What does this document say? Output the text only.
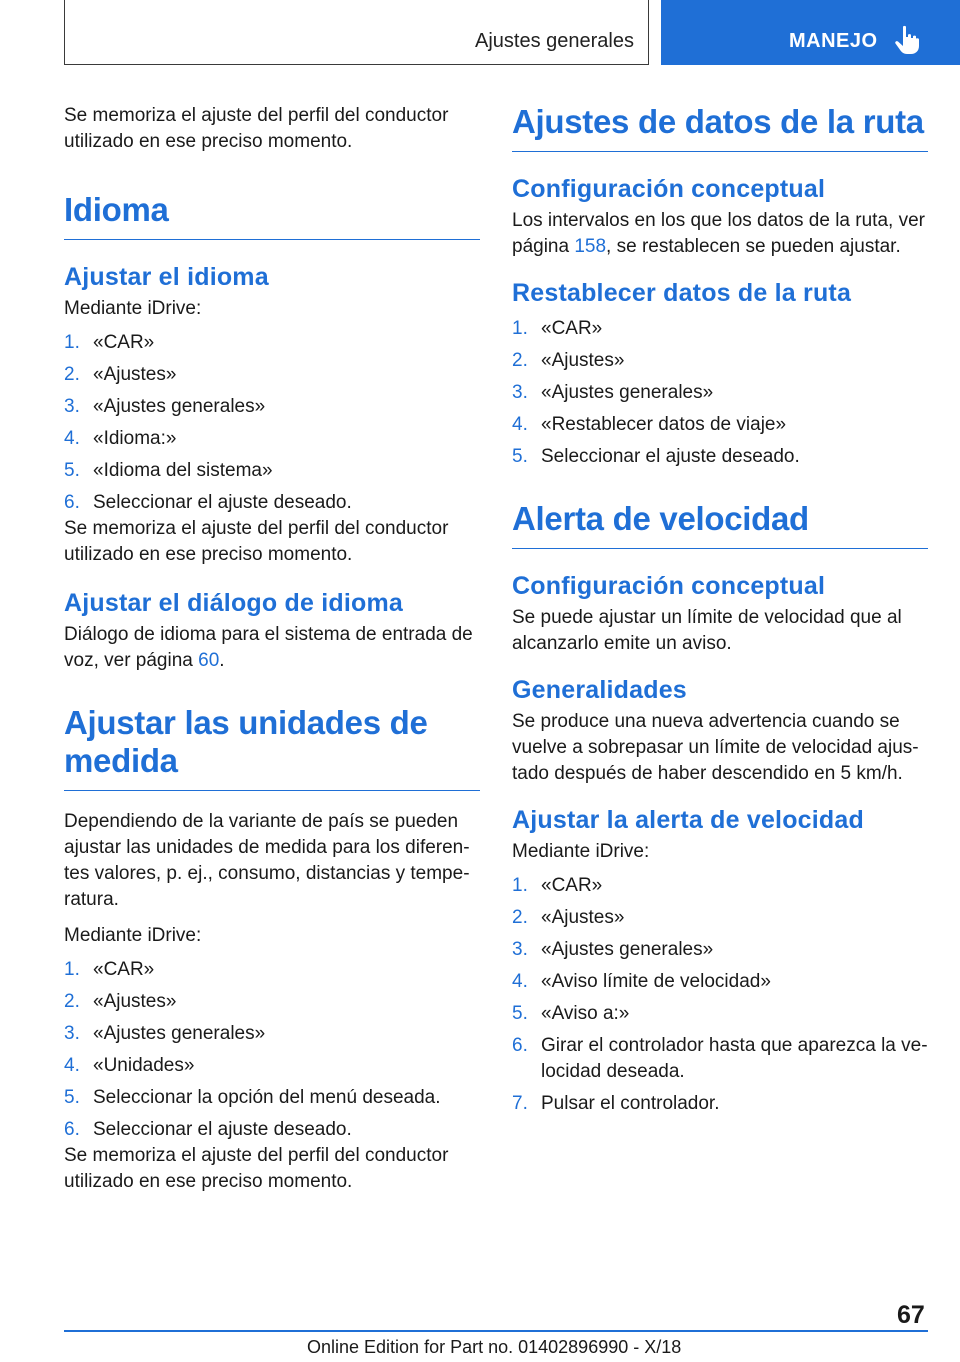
Ajustes generales	MANEJO

Se memoriza el ajuste del perfil del conductor utilizado en ese preciso momento.

Idioma
Ajustar el idioma

Mediante iDrive:

1. «CAR»
2. «Ajustes»
3. «Ajustes generales»
4. «Idioma:»
5. «Idioma del sistema»
6. Seleccionar el ajuste deseado.

Se memoriza el ajuste del perfil del conductor utilizado en ese preciso momento.

Ajustar el diálogo de idioma

Diálogo de idioma para el sistema de entrada de voz, ver página 60.

Ajustar las unidades de medida

Dependiendo de la variante de país se pueden ajustar las unidades de medida para los diferentes valores, p. ej., consumo, distancias y temperatura.

Mediante iDrive:

1. «CAR»
2. «Ajustes»
3. «Ajustes generales»
4. «Unidades»
5. Seleccionar la opción del menú deseada.
6. Seleccionar el ajuste deseado.

Se memoriza el ajuste del perfil del conductor utilizado en ese preciso momento.

Ajustes de datos de la ruta
Configuración conceptual

Los intervalos en los que los datos de la ruta, ver página 158, se restablecen se pueden ajustar.

Restablecer datos de la ruta
1. «CAR»
2. «Ajustes»
3. «Ajustes generales»
4. «Restablecer datos de viaje»
5. Seleccionar el ajuste deseado.
Alerta de velocidad
Configuración conceptual

Se puede ajustar un límite de velocidad que al alcanzarlo emite un aviso.

Generalidades

Se produce una nueva advertencia cuando se vuelve a sobrepasar un límite de velocidad ajustado después de haber descendido en 5 km/h.

Ajustar la alerta de velocidad

Mediante iDrive:

1. «CAR»
2. «Ajustes»
3. «Ajustes generales»
4. «Aviso límite de velocidad»
5. «Aviso a:»
6. Girar el controlador hasta que aparezca la velocidad deseada.
7. Pulsar el controlador.
67
Online Edition for Part no. 01402896990 - X/18
